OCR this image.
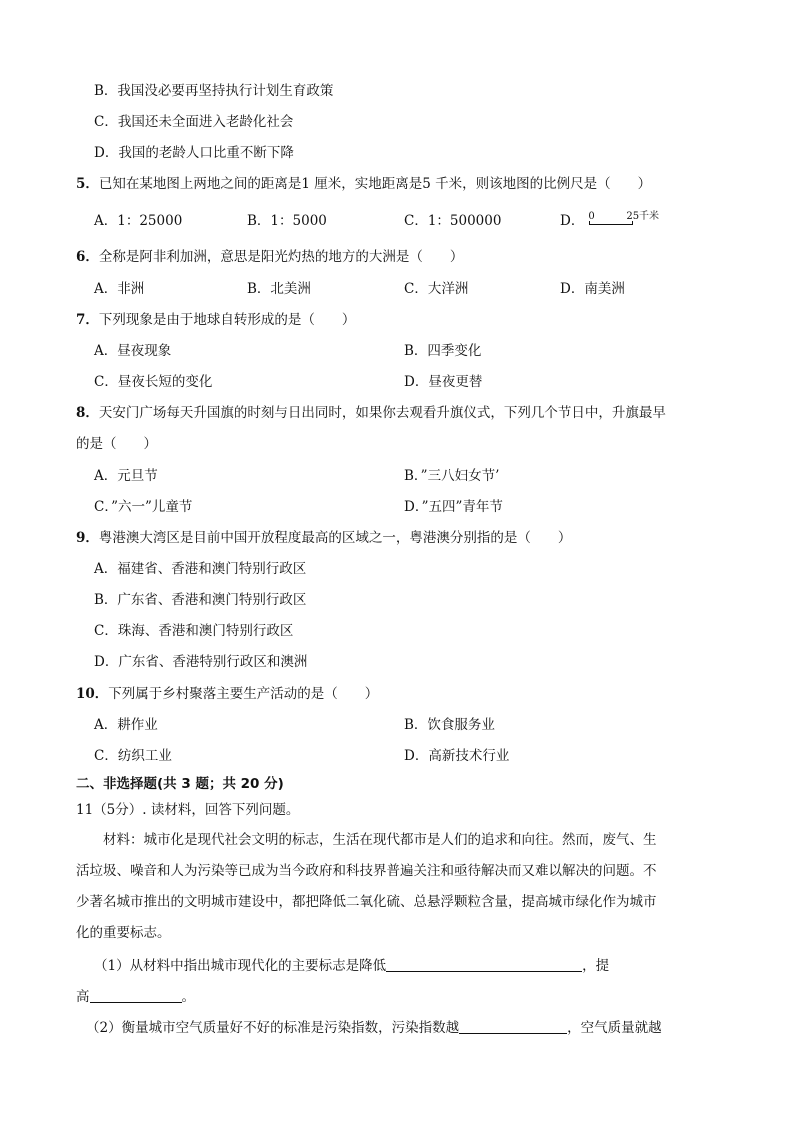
B．我国没必要再坚持执行计划生育政策
C．我国还未全面进入老龄化社会
D．我国的老龄人口比重不断下降
5．已知在某地图上两地之间的距离是1 厘米，实地距离是5 千米，则该地图的比例尺是（　　）
A．1：25000	B．1：5000	C．1：500000	D． 0	25千米
6．全称是阿非利加洲，意思是阳光灼热的地方的大洲是（　　）
A．非洲	B．北美洲	C．大洋洲	D．南美洲
7．下列现象是由于地球自转形成的是（　　）
A．昼夜现象	B．四季变化
C．昼夜长短的变化	D．昼夜更替
8．天安门广场每天升国旗的时刻与日出同时，如果你去观看升旗仪式，下列几个节日中，升旗最早
的是（　　）
A．元旦节	B．”三八妇女节’
C．”六一”儿童节	D．”五四”青年节
9．粤港澳大湾区是目前中国开放程度最高的区域之一，粤港澳分别指的是（　　）
A．福建省、香港和澳门特别行政区
B．广东省、香港和澳门特别行政区
C．珠海、香港和澳门特别行政区
D．广东省、香港特别行政区和澳洲
10．下列属于乡村聚落主要生产活动的是（　　）
A．耕作业	B．饮食服务业
C．纺织工业	D．高新技术行业
二、非选择题(共 3 题；共 20 分)
11（5分）. 读材料，回答下列问题。
材料：城市化是现代社会文明的标志，生活在现代都市是人们的追求和向往。然而，废气、生
活垃圾、噪音和人为污染等已成为当今政府和科技界普遍关注和亟待解决而又难以解决的问题。不
少著名城市推出的文明城市建设中，都把降低二氧化硫、总悬浮颗粒含量，提高城市绿化作为城市
化的重要标志。
（1）从材料中指出城市现代化的主要标志是降低	，提
高	。
（2）衡量城市空气质量好不好的标准是污染指数，污染指数越	，空气质量就越
